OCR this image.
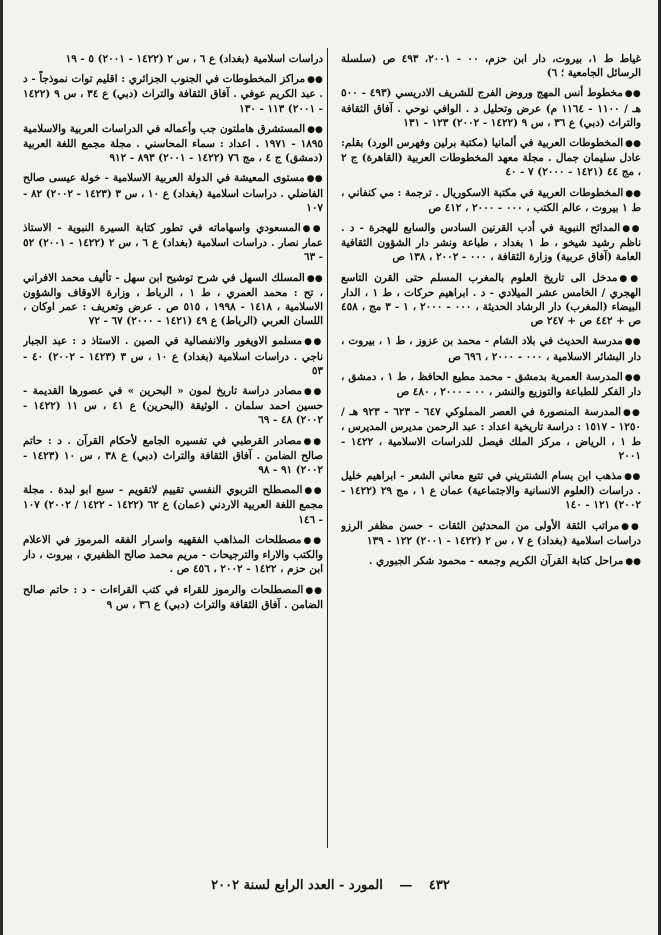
غياط ط ١، بيروت، دار ابن حزم، ٠٠ - ٢٠٠١، ٤٩٣ ص (سلسلة الرسائل الجامعية ؛ ٦)

●●مخطوط أنس المهج وروض الفرج للشريف الادريسي (٤٩٣ - ٥٠٠ هـ / ١١٠٠ - ١١٦٤ م) عرض وتحليل د . الوافي نوحي . آفاق الثقافة والتراث (دبي) ع ٣٦ ، س ٩ (١٤٢٢ - ٢٠٠٢) ١٢٣ - ١٣١

●●المخطوطات العربية في ألمانيا (مكتبة برلين وفهرس الورد) بقلم: عادل سليمان جمال . مجلة معهد المخطوطات العربية (القاهرة) ج ٢ ، مج ٤٤ (١٤٢١ - ٢٠٠٠) ٧ - ٤٠

●●المخطوطات العربية في مكتبة الاسكوريال . ترجمة : مي كنفاني ، ط ١ بيروت ، عالم الكتب ، ٠٠٠ - ٢٠٠٠ ، ٤١٢ ص

●●المدائح النبوية في أدب القرنين السادس والسابع للهجرة - د . ناظم رشيد شيخو ، ط ١ بغداد ، طباعة ونشر دار الشؤون الثقافية العامة (آفاق عربية) وزارة الثقافة ، ٠٠٠ - ٢٠٠٢ ، ١٣٨ ص

●●مدخل الى تاريخ العلوم بالمغرب المسلم حتى القرن التاسع الهجري / الخامس عشر الميلادي - د . ابراهيم حركات ، ط ١ ، الدار البيضاء (المغرب) دار الرشاد الحديثة ، ٠٠٠ - ٢٠٠٠ ، ١ - ٣ مج ، ٤٥٨ ص + ٤٤٢ ص + ٢٤٧ ص

●●مدرسة الحديث في بلاد الشام - محمد بن عزوز ، ط ١ ، بيروت ، دار البشائر الاسلامية ، ٠٠٠ - ٢٠٠٠ ، ٦٩٦ ص

●●المدرسة العمرية بدمشق - محمد مطيع الحافظ ، ط ١ ، دمشق ، دار الفكر للطباعة والتوزيع والنشر ، ٠٠ - ٢٠٠٠ ، ٤٨٠ ص

●●المدرسة المنصورة في العصر المملوكي ٦٤٧ - ٦٢٣ - ٩٢٣ هـ / ١٢٥٠ - ١٥١٧ : دراسة تاريخية اعداد : عبد الرحمن مديرس المديرس ، ط ١ ، الرياض ، مركز الملك فيصل للدراسات الاسلامية ، ١٤٢٢ - ٢٠٠١

●●مذهب ابن بسام الشنتريني في تتبع معاني الشعر - ابراهيم خليل . دراسات (العلوم الانسانية والاجتماعية) عمان ع ١ ، مج ٢٩ (١٤٢٢ - ٢٠٠٢) ١٢١ - ١٤٠

●●مراتب الثقة الأولى من المحدثين الثقات - حسن مظفر الرزو دراسات اسلامية (بغداد) ع ٧ ، س ٢ (١٤٢٢ - ٢٠٠١) ١٢٢ - ١٣٩

●●مراحل كتابة القرآن الكريم وجمعه - محمود شكر الجبوري .

دراسات اسلامية (بغداد) ع ٦ ، س ٢ (١٤٢٢ - ٢٠٠١) ٥ - ١٩

●●مراكز المخطوطات في الجنوب الجزائري : اقليم توات نموذجاً - د . عبد الكريم عوفي . آفاق الثقافة والتراث (دبي) ع ٣٤ ، س ٩ (١٤٢٢ - ٢٠٠١) ١١٣ - ١٣٠

●●المستشرق هاملتون جب وأعماله في الدراسات العربية والاسلامية ١٨٩٥ - ١٩٧١ . اعداد : سماء المحاسني . مجلة مجمع اللغة العربية (دمشق) ج ٤ ، مج ٧٦ (١٤٢٢ - ٢٠٠١) ٨٩٣ - ٩١٢

●●مستوى المعيشة في الدولة العربية الاسلامية - خولة عيسى صالح الفاضلي . دراسات اسلامية (بغداد) ع ١٠ ، س ٣ (١٤٢٣ - ٢٠٠٢) ٨٢ - ١٠٧

●●المسعودي واسهاماته في تطور كتابة السيرة النبوية - الاستاذ عمار نصار . دراسات اسلامية (بغداد) ع ٦ ، س ٢ (١٤٢٢ - ٢٠٠١) ٥٢ - ٦٣

●●المسلك السهل في شرح توشيح ابن سهل - تأليف محمد الافراني ، تح : محمد العمري ، ط ١ ، الرباط ، وزارة الاوقاف والشؤون الاسلامية ، ١٤١٨ - ١٩٩٨ ، ٥١٥ ص . عرض وتعريف : عمر اوكان ، اللسان العربي (الرباط) ع ٤٩ (١٤٢١ - ٢٠٠٠) ٦٧ - ٧٢

●●مسلمو الاويغور والانفصالية في الصين . الاستاذ د : عبد الجبار ناجي . دراسات اسلامية (بغداد) ع ١٠ ، س ٣ (١٤٢٣ - ٢٠٠٢) ٤٠ - ٥٣

●●مصادر دراسة تاريخ لمون « البحرين » في عصورها القديمة - حسين احمد سلمان . الوثيقة (البحرين) ع ٤١ ، س ١١ (١٤٢٢ - ٢٠٠٢) ٤٨ - ٦٩

●●مصادر القرطبي في تفسيره الجامع لأحكام القرآن . د : حاتم صالح الضامن . آفاق الثقافة والتراث (دبي) ع ٣٨ ، س ١٠ (١٤٢٣ - ٢٠٠٢) ٩١ - ٩٨

●●المصطلح التربوي النفسي تقييم لاتقويم - سبع ابو لبدة . مجلة مجمع اللغة العربية الاردني (عمان) ع ٦٢ (١٤٢٢ - ١٤٢٢ / ٢٠٠٢) ١٠٧ - ١٤٦

●●مصطلحات المذاهب الفقهيه واسرار الفقه المرموز في الاعلام والكتب والاراء والترجيحات - مريم محمد صالح الظفيري ، بيروت ، دار ابن حزم ، ١٤٢٢ - ٢٠٠٢ ، ٤٥٦ ص .

●●المصطلحات والرموز للقراء في كتب القراءات - د : حاتم صالح الضامن . آفاق الثقافة والتراث (دبي) ع ٣٦ ، س ٩

٤٣٢ — المورد - العدد الرابع لسنة ٢٠٠٢
